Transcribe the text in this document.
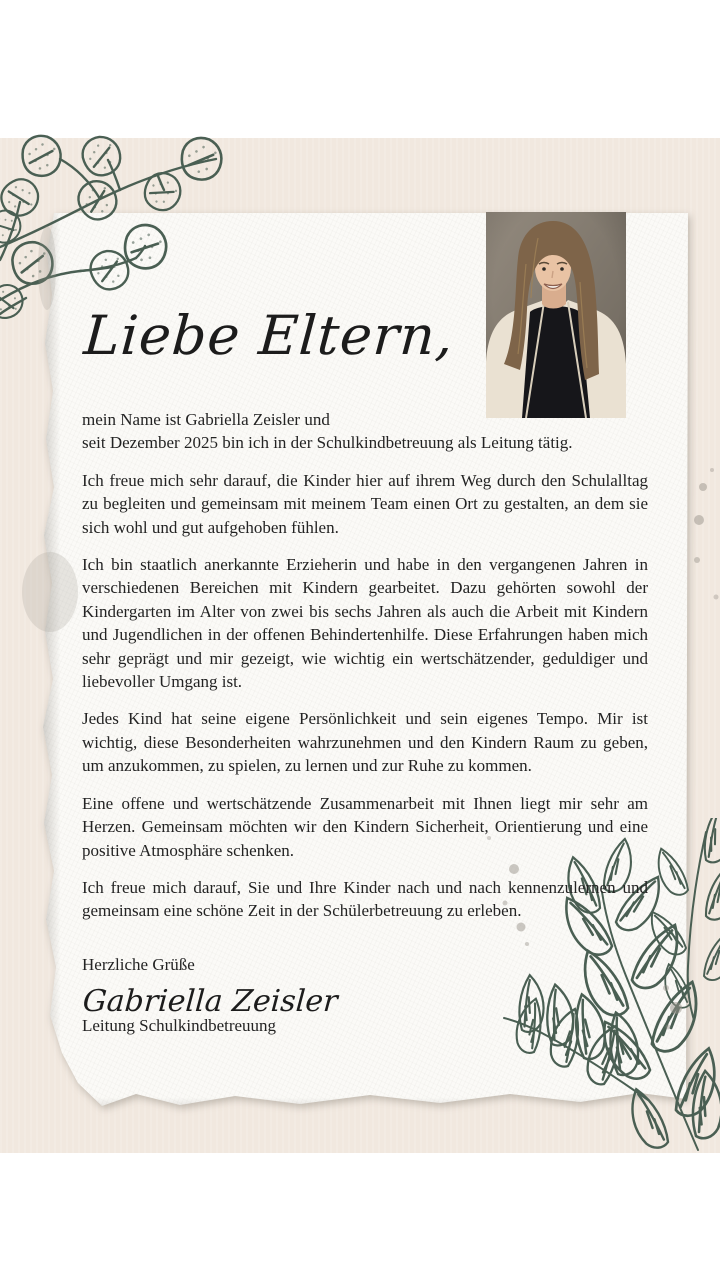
Liebe Eltern,

mein Name ist Gabriella Zeisler und
seit Dezember 2025 bin ich in der Schulkindbetreuung als Leitung tätig.

Ich freue mich sehr darauf, die Kinder hier auf ihrem Weg durch den Schulalltag zu begleiten und gemeinsam mit meinem Team einen Ort zu gestalten, an dem sie sich wohl und gut aufgehoben fühlen.

Ich bin staatlich anerkannte Erzieherin und habe in den vergangenen Jahren in verschiedenen Bereichen mit Kindern gearbeitet. Dazu gehörten sowohl der Kindergarten im Alter von zwei bis sechs Jahren als auch die Arbeit mit Kindern und Jugendlichen in der offenen Behindertenhilfe. Diese Erfahrungen haben mich sehr geprägt und mir gezeigt, wie wichtig ein wertschätzender, geduldiger und liebevoller Umgang ist.

Jedes Kind hat seine eigene Persönlichkeit und sein eigenes Tempo. Mir ist wichtig, diese Besonderheiten wahrzunehmen und den Kindern Raum zu geben, um anzukommen, zu spielen, zu lernen und zur Ruhe zu kommen.

Eine offene und wertschätzende Zusammenarbeit mit Ihnen liegt mir sehr am Herzen. Gemeinsam möchten wir den Kindern Sicherheit, Orientierung und eine positive Atmosphäre schenken.

Ich freue mich darauf, Sie und Ihre Kinder nach und nach kennenzulernen und gemeinsam eine schöne Zeit in der Schülerbetreuung zu erleben.

Herzliche Grüße

Gabriella Zeisler

Leitung Schulkindbetreuung
